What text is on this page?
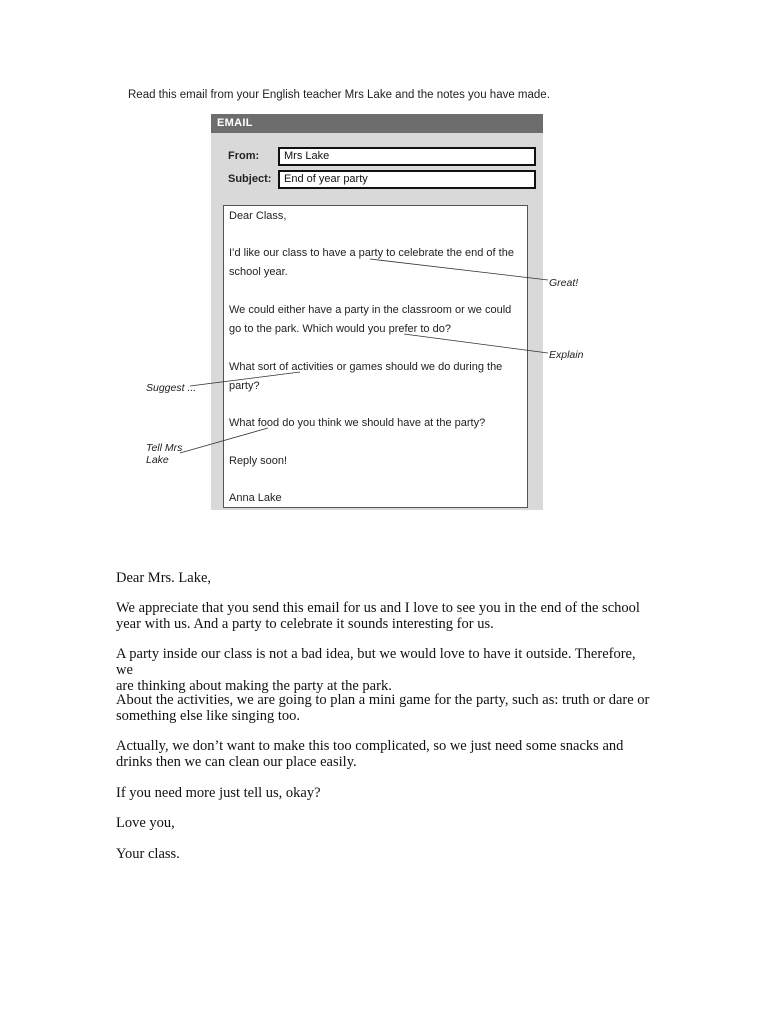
Read this email from your English teacher Mrs Lake and the notes you have made.
EMAIL
From:	Mrs Lake
Subject:	End of year party
Dear Class,
I’d like our class to have a party to celebrate the end of the
school year.
We could either have a party in the classroom or we could
go to the park. Which would you prefer to do?
What sort of activities or games should we do during the
party?
What food do you think we should have at the party?
Reply soon!
Anna Lake
Great!
Explain
Suggest ...
Tell Mrs
Lake
Dear Mrs. Lake,
We appreciate that you send this email for us and I love to see you in the end of the school
year with us. And a party to celebrate it sounds interesting for us.
A party inside our class is not a bad idea, but we would love to have it outside. Therefore, we
are thinking about making the party at the park.
About the activities, we are going to plan a mini game for the party, such as: truth or dare or
something else like singing too.
Actually, we don’t want to make this too complicated, so we just need some snacks and
drinks then we can clean our place easily.
If you need more just tell us, okay?
Love you,
Your class.
